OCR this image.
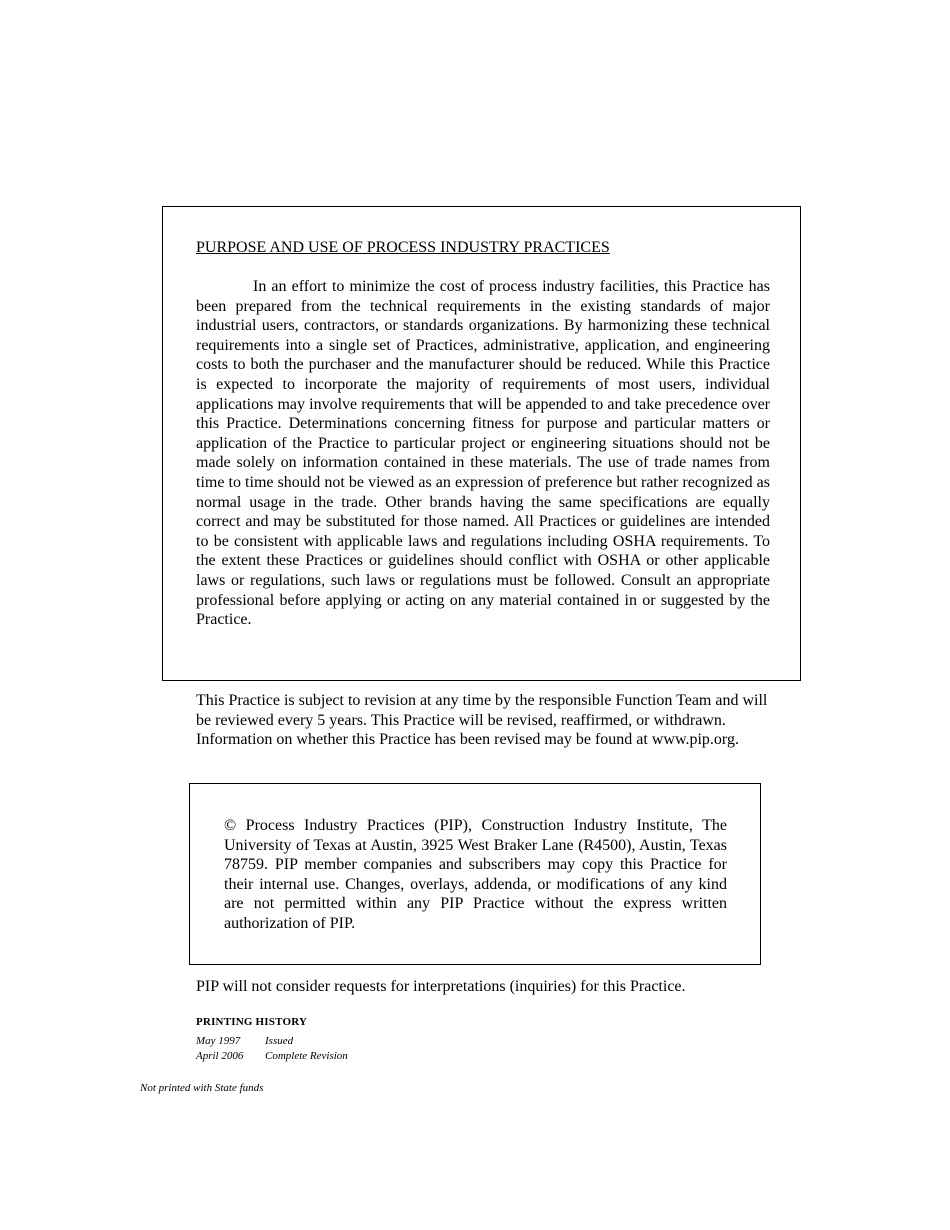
PURPOSE AND USE OF PROCESS INDUSTRY PRACTICES

In an effort to minimize the cost of process industry facilities, this Practice has been prepared from the technical requirements in the existing standards of major industrial users, contractors, or standards organizations. By harmonizing these technical requirements into a single set of Practices, administrative, application, and engineering costs to both the purchaser and the manufacturer should be reduced. While this Practice is expected to incorporate the majority of requirements of most users, individual applications may involve requirements that will be appended to and take precedence over this Practice. Determinations concerning fitness for purpose and particular matters or application of the Practice to particular project or engineering situations should not be made solely on information contained in these materials. The use of trade names from time to time should not be viewed as an expression of preference but rather recognized as normal usage in the trade. Other brands having the same specifications are equally correct and may be substituted for those named. All Practices or guidelines are intended to be consistent with applicable laws and regulations including OSHA requirements. To the extent these Practices or guidelines should conflict with OSHA or other applicable laws or regulations, such laws or regulations must be followed. Consult an appropriate professional before applying or acting on any material contained in or suggested by the Practice.

This Practice is subject to revision at any time by the responsible Function Team and will be reviewed every 5 years. This Practice will be revised, reaffirmed, or withdrawn. Information on whether this Practice has been revised may be found at www.pip.org.

© Process Industry Practices (PIP), Construction Industry Institute, The University of Texas at Austin, 3925 West Braker Lane (R4500), Austin, Texas 78759. PIP member companies and subscribers may copy this Practice for their internal use. Changes, overlays, addenda, or modifications of any kind are not permitted within any PIP Practice without the express written authorization of PIP.

PIP will not consider requests for interpretations (inquiries) for this Practice.

PRINTING HISTORY

May 1997 Issued
April 2006 Complete Revision

Not printed with State funds
